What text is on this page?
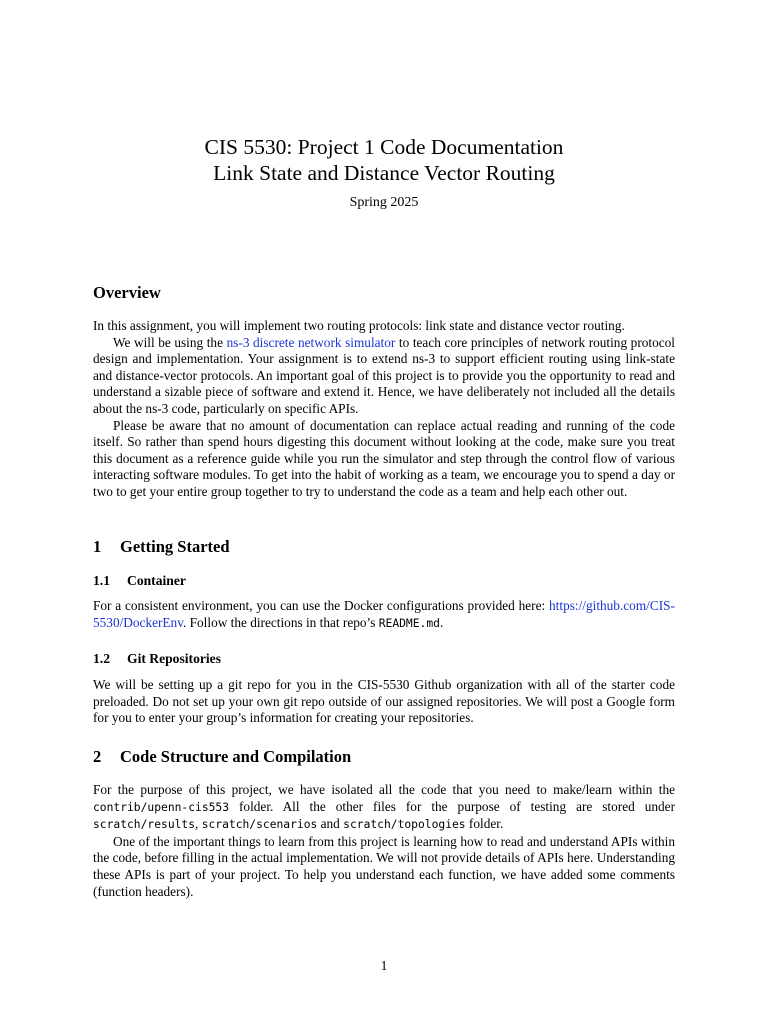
CIS 5530: Project 1 Code Documentation
Link State and Distance Vector Routing
Spring 2025
Overview

In this assignment, you will implement two routing protocols: link state and distance vector routing.

We will be using the ns-3 discrete network simulator to teach core principles of network routing protocol design and implementation. Your assignment is to extend ns-3 to support efficient routing using link-state and distance-vector protocols. An important goal of this project is to provide you the opportunity to read and understand a sizable piece of software and extend it. Hence, we have deliberately not included all the details about the ns-3 code, particularly on specific APIs.

Please be aware that no amount of documentation can replace actual reading and running of the code itself. So rather than spend hours digesting this document without looking at the code, make sure you treat this document as a reference guide while you run the simulator and step through the control flow of various interacting software modules. To get into the habit of working as a team, we encourage you to spend a day or two to get your entire group together to try to understand the code as a team and help each other out.

1 Getting Started
1.1 Container

For a consistent environment, you can use the Docker configurations provided here: https://github.com/CIS-5530/DockerEnv. Follow the directions in that repo’s README.md.

1.2 Git Repositories

We will be setting up a git repo for you in the CIS-5530 Github organization with all of the starter code preloaded. Do not set up your own git repo outside of our assigned repositories. We will post a Google form for you to enter your group’s information for creating your repositories.

2 Code Structure and Compilation

For the purpose of this project, we have isolated all the code that you need to make/learn within the contrib/upenn-cis553 folder. All the other files for the purpose of testing are stored under scratch/results, scratch/scenarios and scratch/topologies folder.

One of the important things to learn from this project is learning how to read and understand APIs within the code, before filling in the actual implementation. We will not provide details of APIs here. Understanding these APIs is part of your project. To help you understand each function, we have added some comments (function headers).

1
